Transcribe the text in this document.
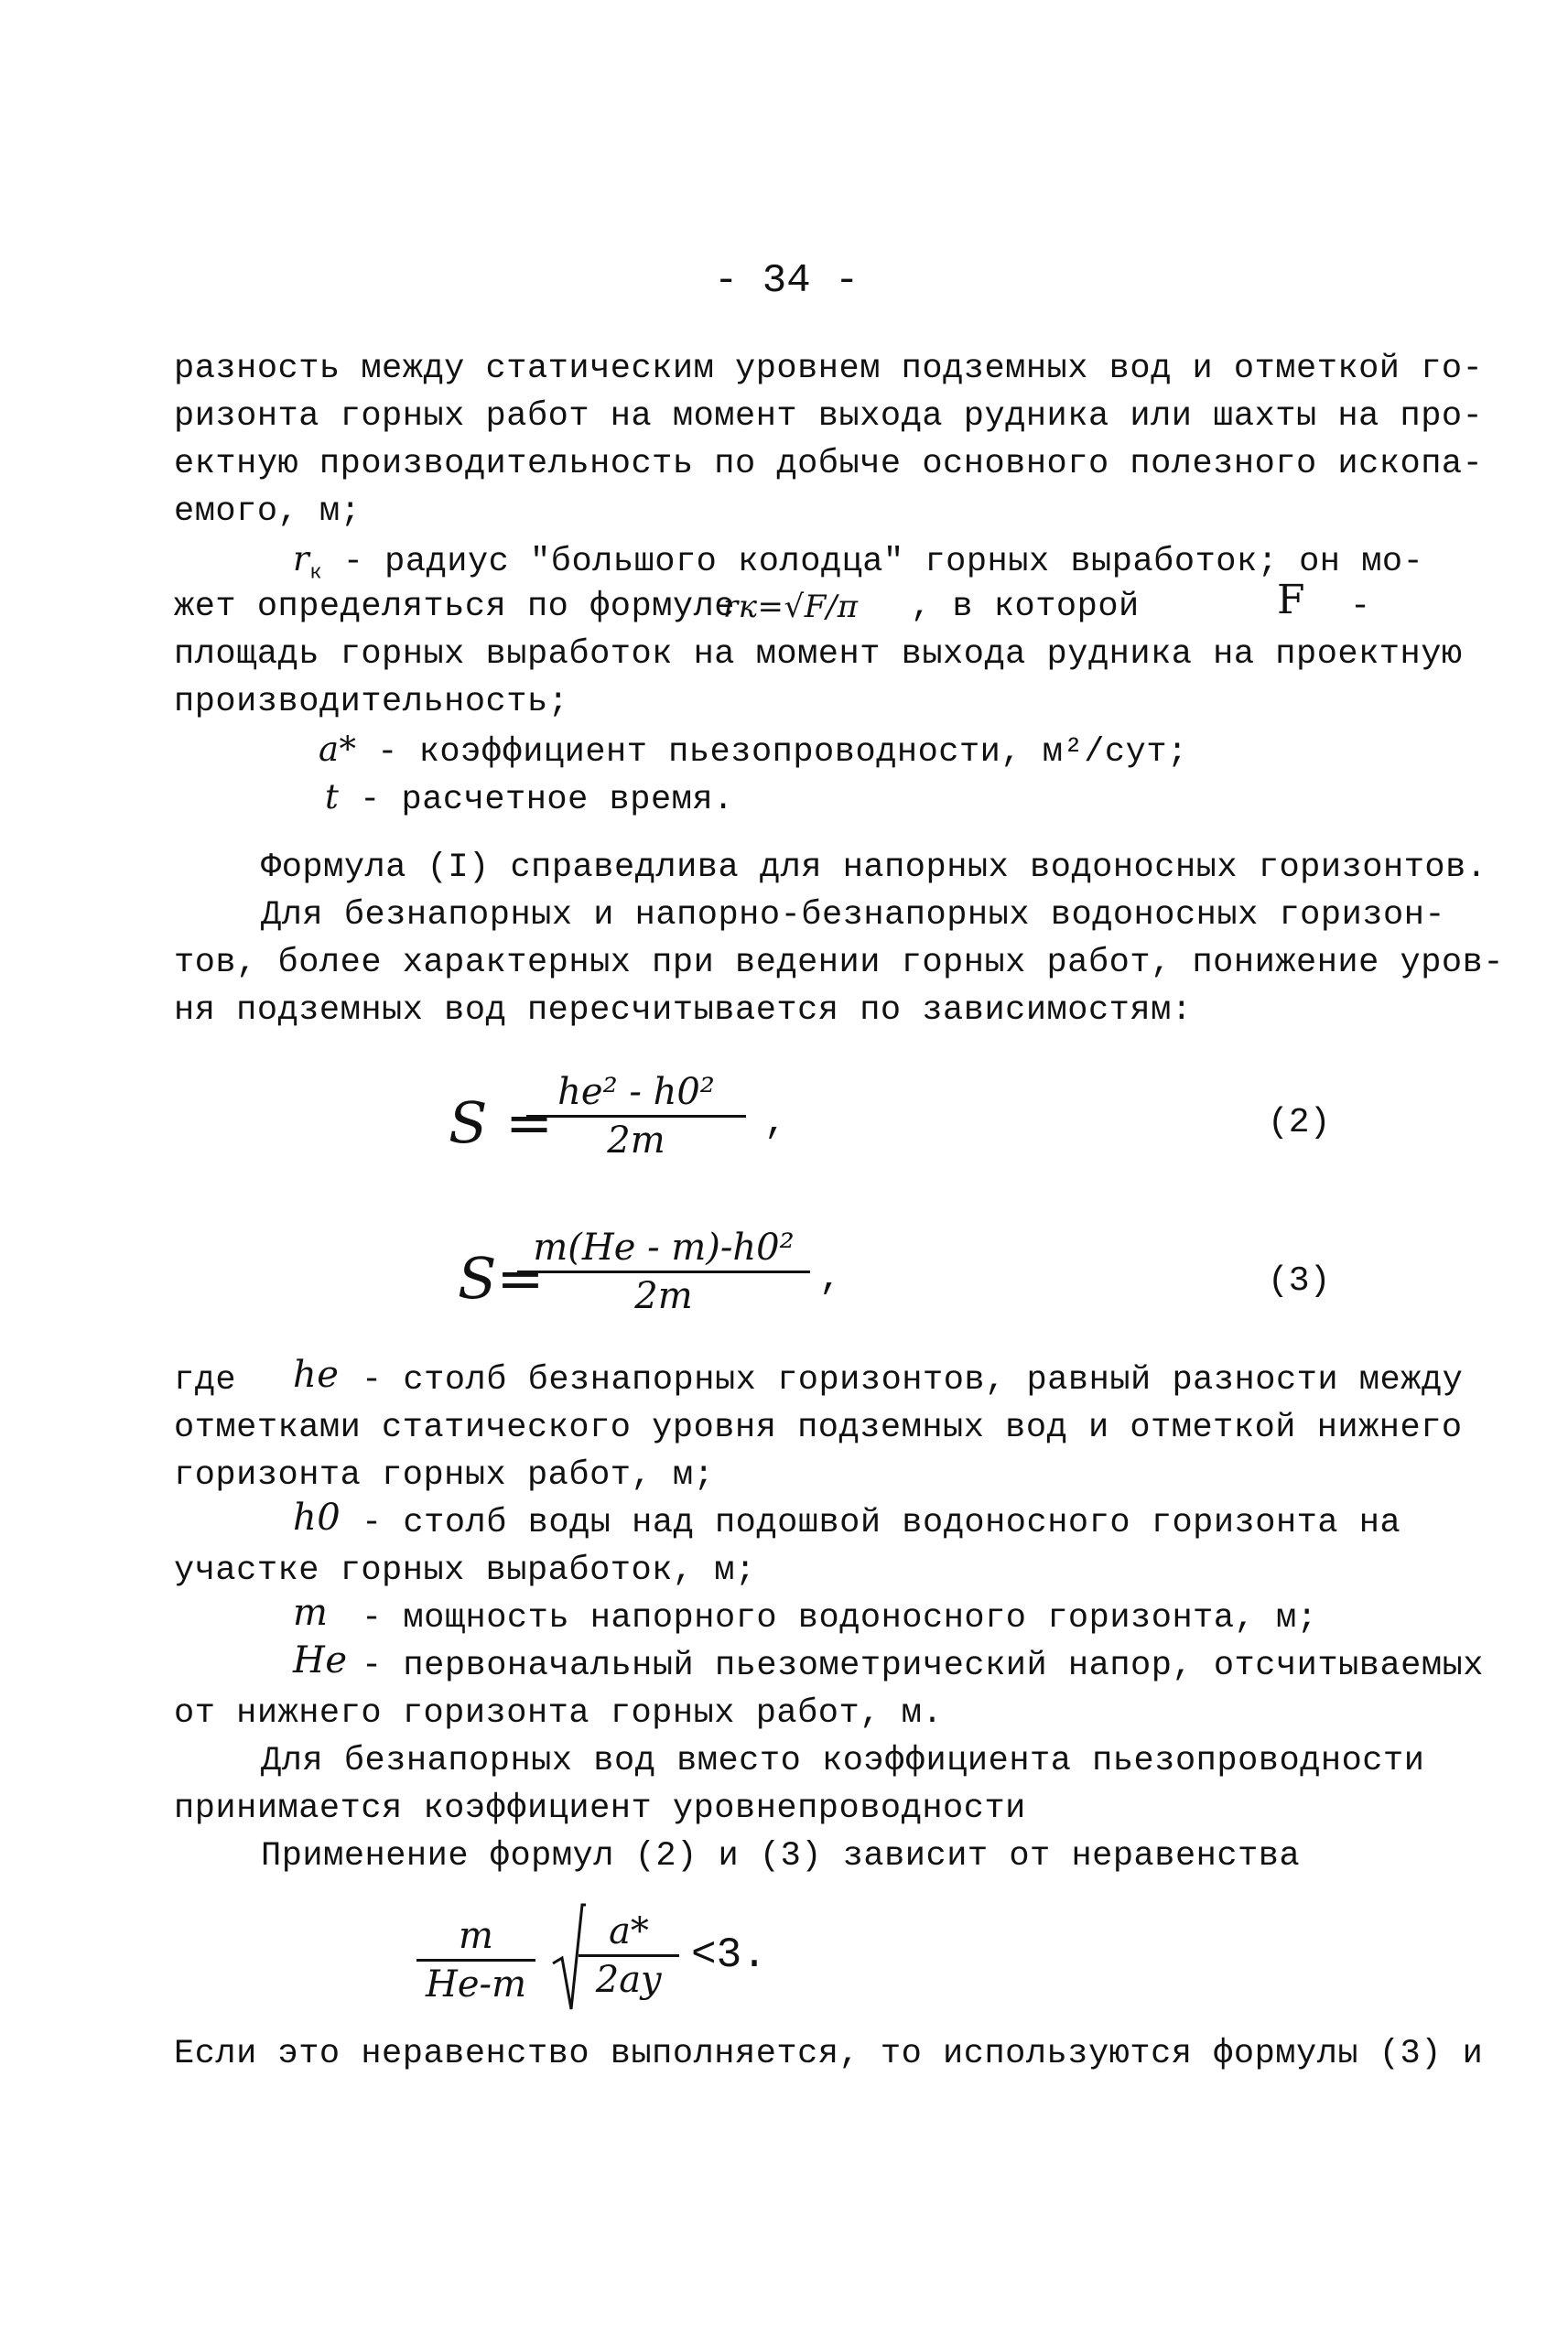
- 34 -
разность между статическим уровнем подземных вод и отметкой го-
ризонта горных работ на момент выхода рудника или шахты на про-
ектную производительность по добыче основного полезного ископа-
емого, м;
$r_к$ - радиус "большого колодца" горных выработок; он мо-
жет определяться по формуле
rк=√F/π , в которой	F -
площадь горных выработок на момент выхода рудника на проектную
производительность;
a* - коэффициент пьезопроводности, м²/сут;
t - расчетное время.
Формула (I) справедлива для напорных водоносных горизонтов.
Для безнапорных и напорно-безнапорных водоносных горизон-
тов, более характерных при ведении горных работ, понижение уров-
ня подземных вод пересчитывается по зависимостям:
S =
$\frac{\text{he² - h0²}}{2m}$ ,	(2)
S=
$\frac{\text{m(He - m)-h0²}}{2m}$ ,	(3)
где he - столб безнапорных горизонтов, равный разности между
отметками статического уровня подземных вод и отметкой нижнего
горизонта горных работ, м;
h0 - столб воды над подошвой водоносного горизонта на
участке горных выработок, м;
m - мощность напорного водоносного горизонта, м;
He - первоначальный пьезометрический напор, отсчитываемых
от нижнего горизонта горных работ, м.
Для безнапорных вод вместо коэффициента пьезопроводности
принимается коэффициент уровнепроводности
Применение формул (2) и (3) зависит от неравенства
$\frac{m}{He-m}$	a*
2aу
<3.
Если это неравенство выполняется, то используются формулы (3) и
